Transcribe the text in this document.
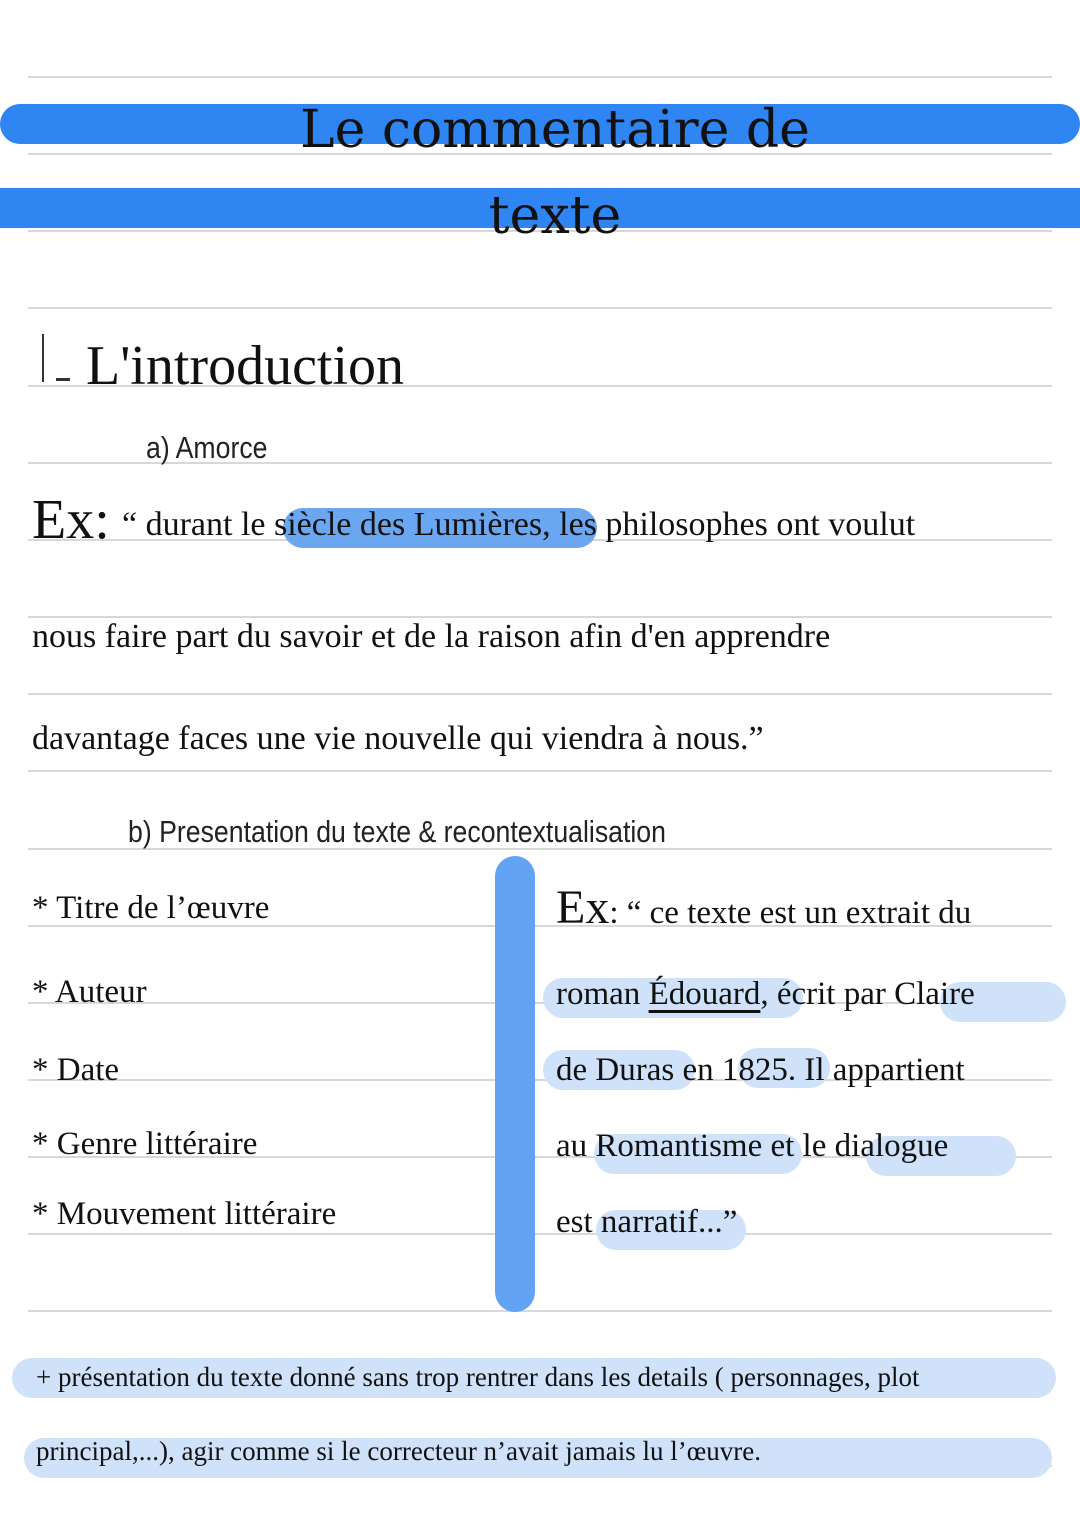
Le commentaire de
texte
L'introduction
a) Amorce
Ex: “ durant le siècle des Lumières, les philosophes ont voulut
nous faire part du savoir et de la raison afin d'en apprendre
davantage faces une vie nouvelle qui viendra à nous.”
b) Presentation du texte & recontextualisation
* Titre de l’œuvre
* Auteur
* Date
* Genre littéraire
* Mouvement littéraire
Ex: “ ce texte est un extrait du
roman Édouard, écrit par Claire
de Duras en 1825. Il appartient
au Romantisme et le dialogue
est narratif...”
+ présentation du texte donné sans trop rentrer dans les details ( personnages, plot
principal,...), agir comme si le correcteur n’avait jamais lu l’œuvre.
